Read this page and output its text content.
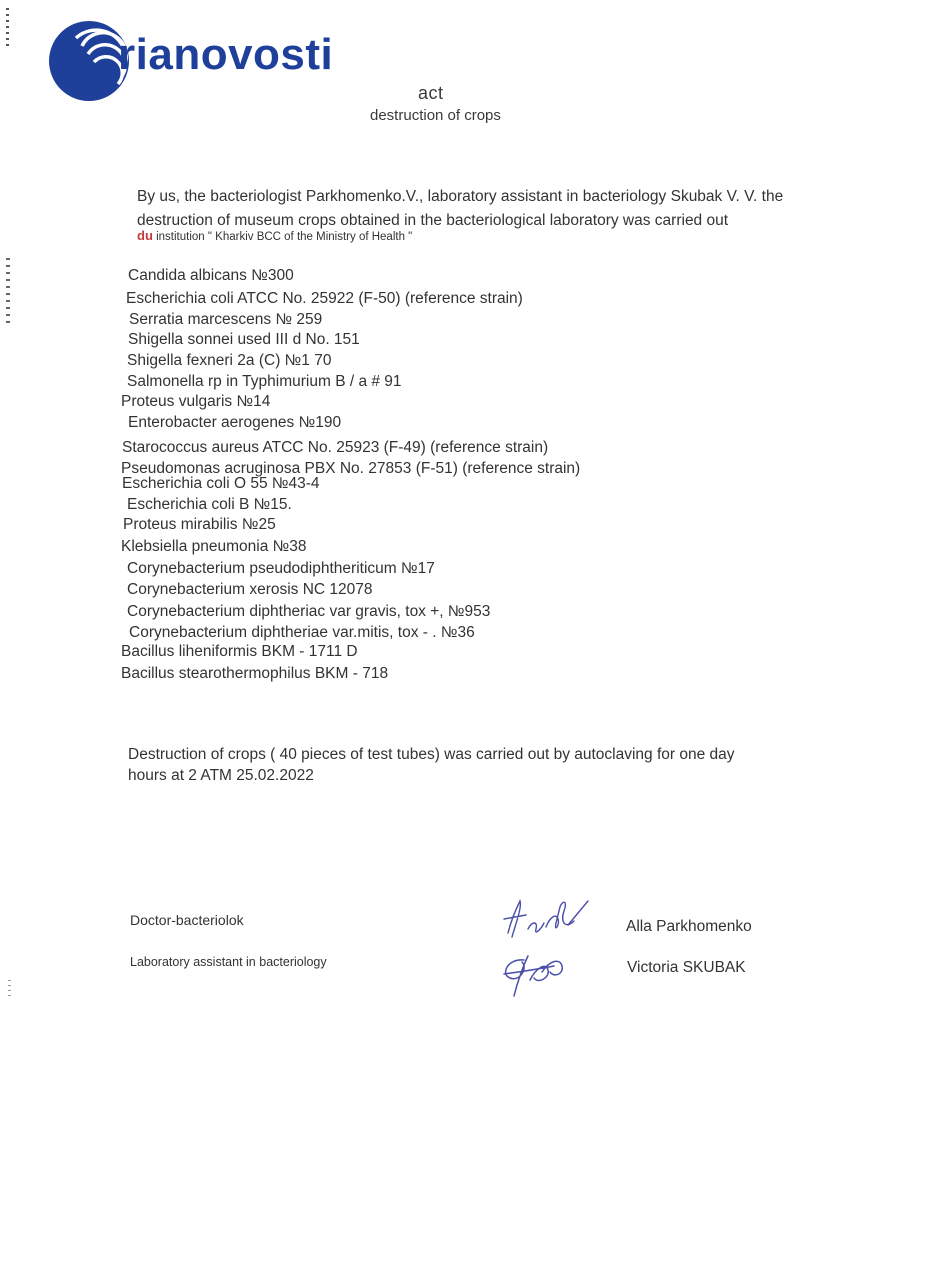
rianovosti
act
destruction of crops
By us, the bacteriologist Parkhomenko.V., laboratory assistant in bacteriology Skubak V. V. the
destruction of museum crops obtained in the bacteriological laboratory was carried out
du institution " Kharkiv BCC of the Ministry of Health "
Candida albicans №300
Escherichia coli ATCC No. 25922 (F-50) (reference strain)
Serratia marcescens № 259
Shigella sonnei used III d No. 151
Shigella fexneri 2a (C) №1 70
Salmonella rp in Typhimurium B / a # 91
Proteus vulgaris №14
Enterobacter aerogenes №190
Starococcus aureus ATCC No. 25923 (F-49) (reference strain)
Pseudomonas acruginosa PBX No. 27853 (F-51) (reference strain)
Escherichia coli O 55 №43-4
Escherichia coli B №15.
Proteus mirabilis №25
Klebsiella pneumonia №38
Corynebacterium pseudodiphtheriticum №17
Corynebacterium xerosis NC 12078
Corynebacterium diphtheriac var gravis, tox +, №953
Corynebacterium diphtheriae var.mitis, tox - . №36
Bacillus liheniformis BKM - 1711 D
Bacillus stearothermophilus BKM - 718
Destruction of crops ( 40 pieces of test tubes) was carried out by autoclaving for one day
hours at 2 ATM 25.02.2022
Doctor-bacteriolok	Alla Parkhomenko
Laboratory assistant in bacteriology	Victoria SKUBAK
